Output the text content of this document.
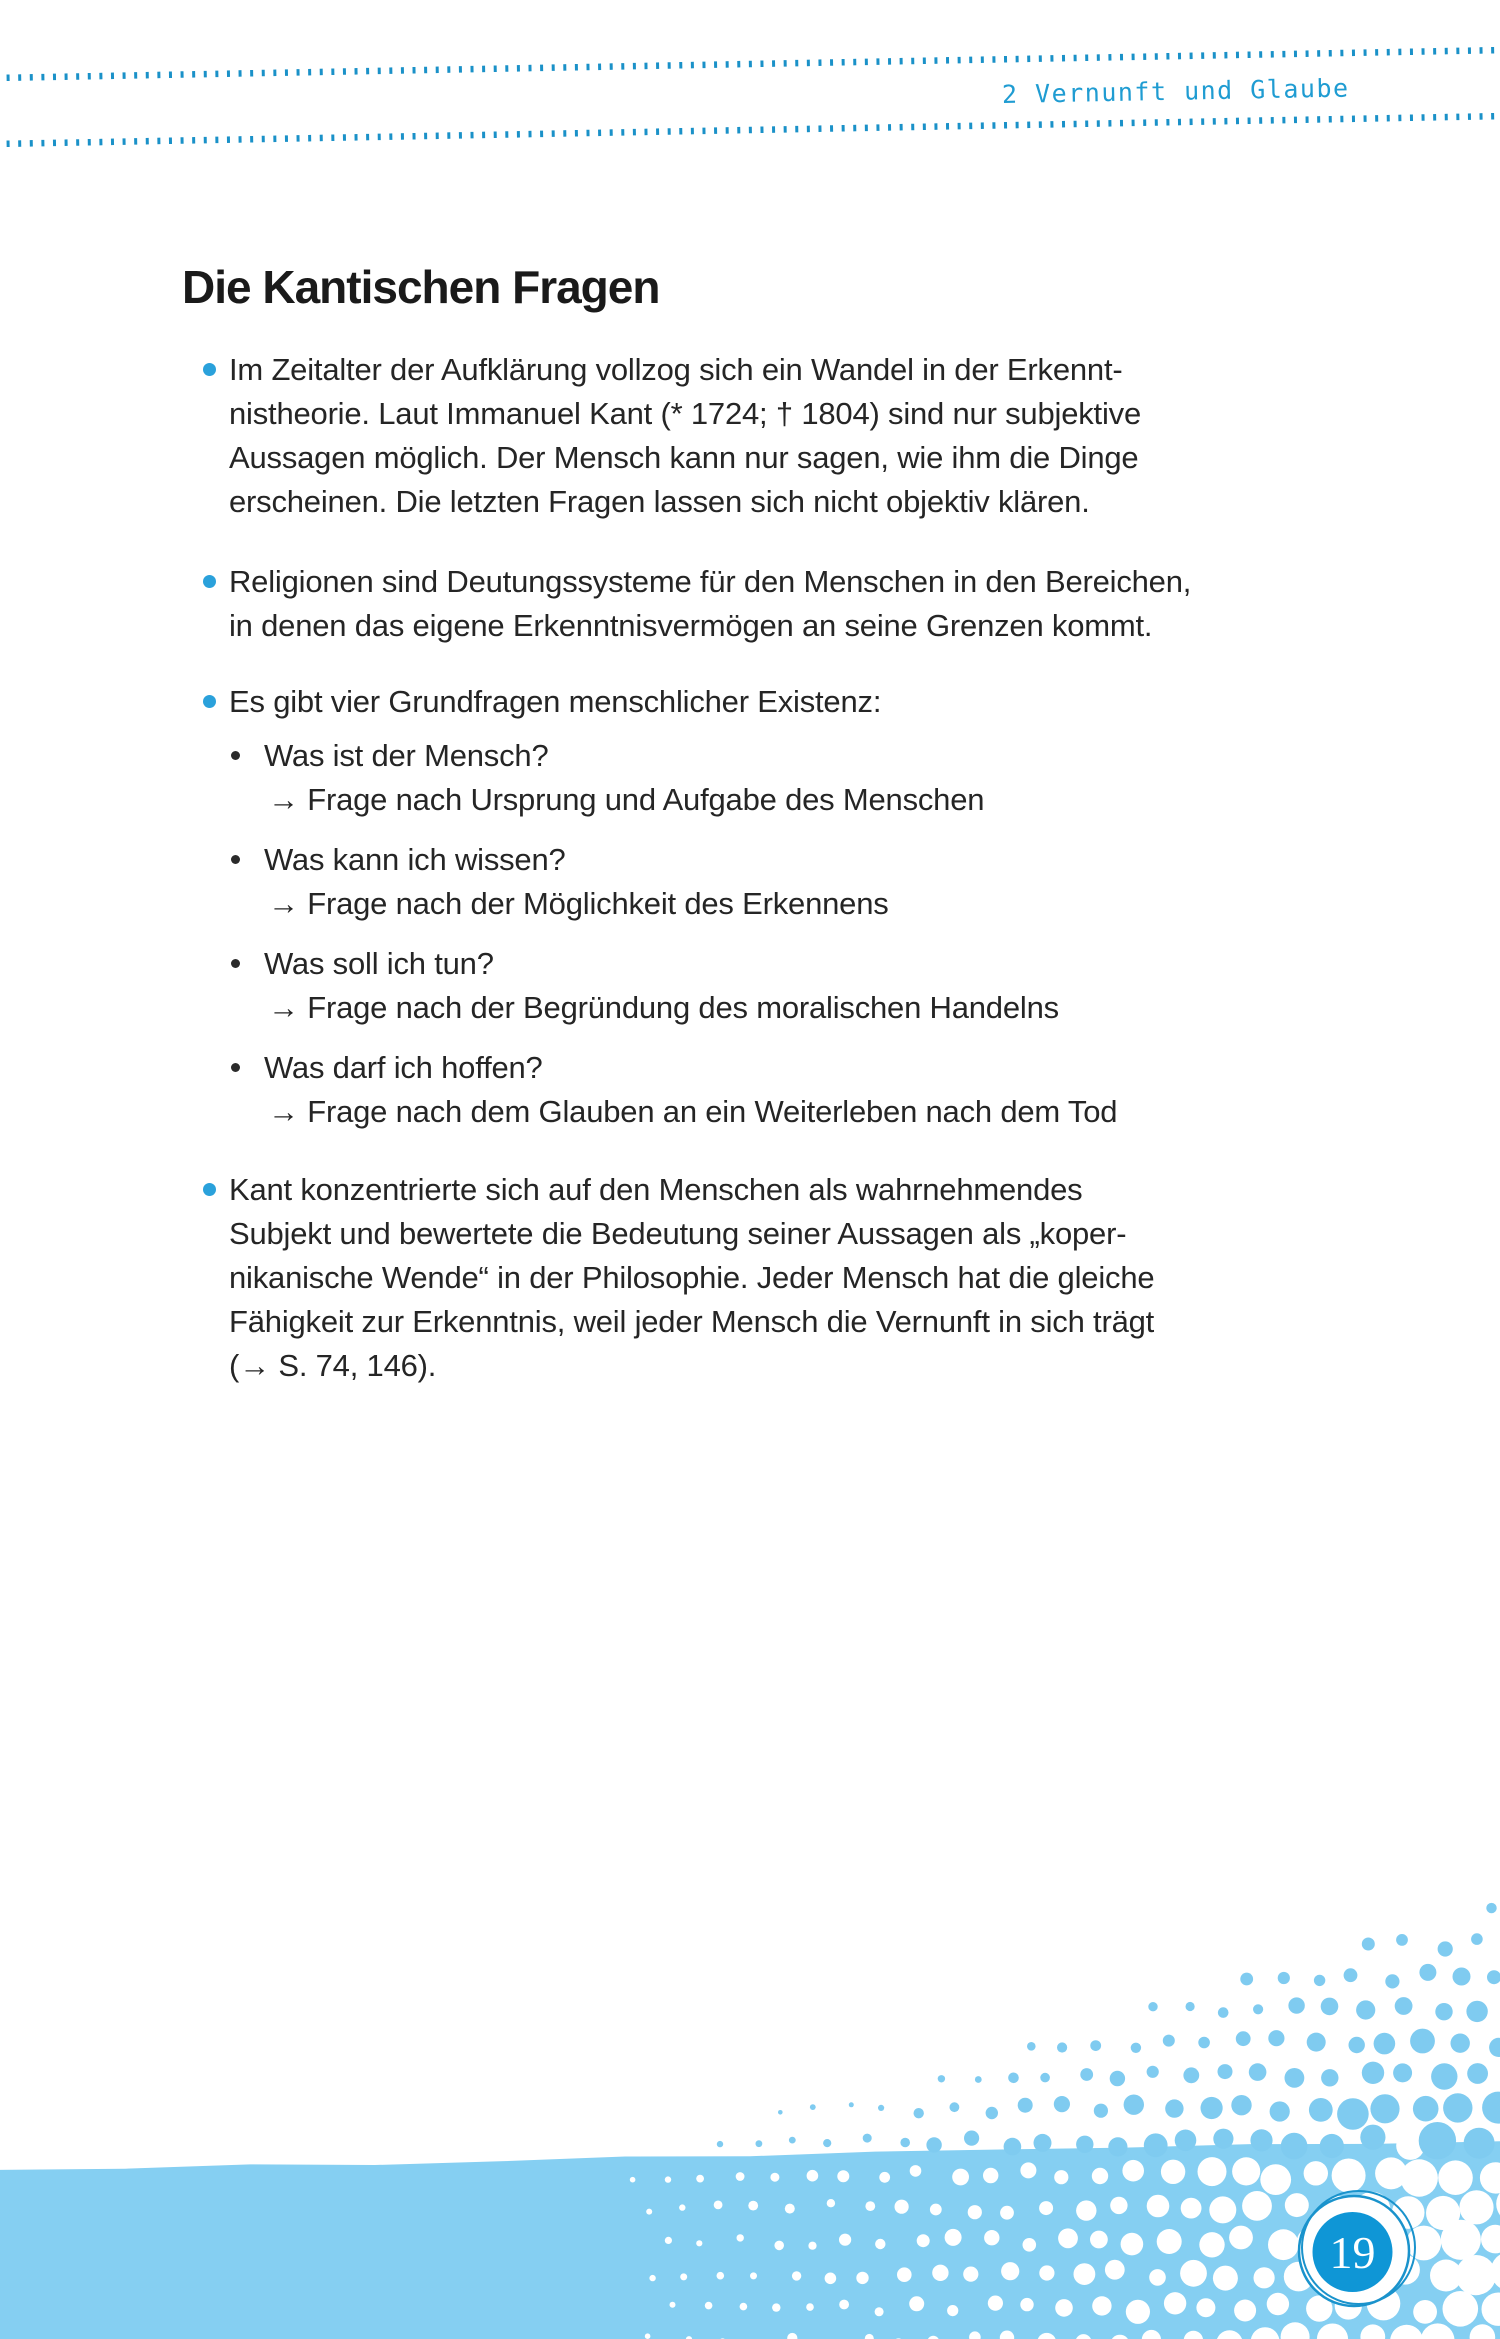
2 Vernunft und Glaube
Die Kantischen Fragen
Im Zeitalter der Aufklärung vollzog sich ein Wandel in der Erkennt-
nistheorie. Laut Immanuel Kant (* 1724; † 1804) sind nur subjektive
Aussagen möglich. Der Mensch kann nur sagen, wie ihm die Dinge
erscheinen. Die letzten Fragen lassen sich nicht objektiv klären.
Religionen sind Deutungssysteme für den Menschen in den Bereichen,
in denen das eigene Erkenntnisvermögen an seine Grenzen kommt.
Es gibt vier Grundfragen menschlicher Existenz:
Was ist der Mensch?
→ Frage nach Ursprung und Aufgabe des Menschen
Was kann ich wissen?
→ Frage nach der Möglichkeit des Erkennens
Was soll ich tun?
→ Frage nach der Begründung des moralischen Handelns
Was darf ich hoffen?
→ Frage nach dem Glauben an ein Weiterleben nach dem Tod
Kant konzentrierte sich auf den Menschen als wahrnehmendes
Subjekt und bewertete die Bedeutung seiner Aussagen als „koper-
nikanische Wende“ in der Philosophie. Jeder Mensch hat die gleiche
Fähigkeit zur Erkenntnis, weil jeder Mensch die Vernunft in sich trägt
(→ S. 74, 146).
19
